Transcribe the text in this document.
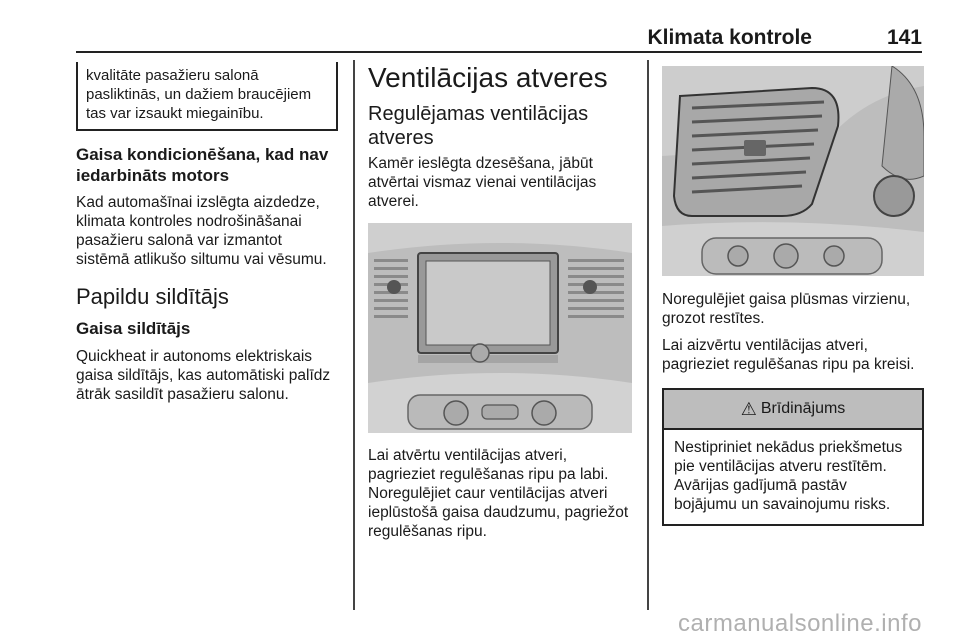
Klimata kontrole	141
kvalitāte pasažieru salonā pasliktinās, un dažiem braucējiem tas var izsaukt miegainību.
Gaisa kondicionēšana, kad nav iedarbināts motors

Kad automašīnai izslēgta aizdedze, klimata kontroles nodrošināšanai pasažieru salonā var izmantot sistēmā atlikušo siltumu vai vēsumu.

Papildu sildītājs
Gaisa sildītājs

Quickheat ir autonoms elektriskais gaisa sildītājs, kas automātiski palīdz ātrāk sasildīt pasažieru salonu.

Ventilācijas atveres
Regulējamas ventilācijas atveres

Kamēr ieslēgta dzesēšana, jābūt atvērtai vismaz vienai ventilācijas atverei.

Lai atvērtu ventilācijas atveri, pagrieziet regulēšanas ripu pa labi. Noregulējiet caur ventilācijas atveri ieplūstošā gaisa daudzumu, pagriežot regulēšanas ripu.

Noregulējiet gaisa plūsmas virzienu, grozot restītes.

Lai aizvērtu ventilācijas atveri, pagrieziet regulēšanas ripu pa kreisi.

⚠ Brīdinājums
Nestipriniet nekādus priekšmetus pie ventilācijas atveru restītēm. Avārijas gadījumā pastāv bojājumu un savainojumu risks.
carmanualsonline.info
